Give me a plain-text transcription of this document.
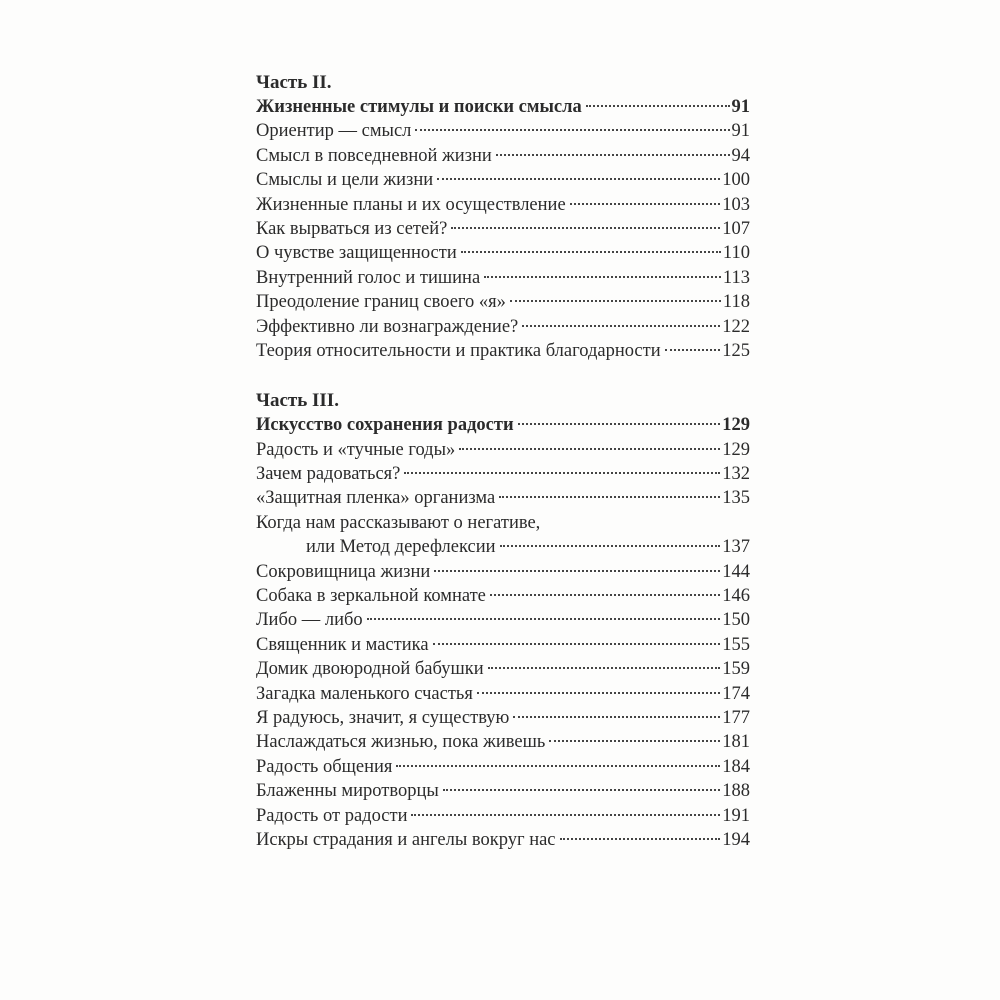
Часть II.
Жизненные стимулы и поиски смысла	91
Ориентир — смысл	91
Смысл в повседневной жизни	94
Смыслы и цели жизни	100
Жизненные планы и их осуществление	103
Как вырваться из сетей?	107
О чувстве защищенности	110
Внутренний голос и тишина	113
Преодоление границ своего «я»	118
Эффективно ли вознаграждение?	122
Теория относительности и практика благодарности	125
Часть III.
Искусство сохранения радости	129
Радость и «тучные годы»	129
Зачем радоваться?	132
«Защитная пленка» организма	135
Когда нам рассказывают о негативе,
или Метод дерефлексии	137
Сокровищница жизни	144
Собака в зеркальной комнате	146
Либо — либо	150
Священник и мастика	155
Домик двоюродной бабушки	159
Загадка маленького счастья	174
Я радуюсь, значит, я существую	177
Наслаждаться жизнью, пока живешь	181
Радость общения	184
Блаженны миротворцы	188
Радость от радости	191
Искры страдания и ангелы вокруг нас	194
